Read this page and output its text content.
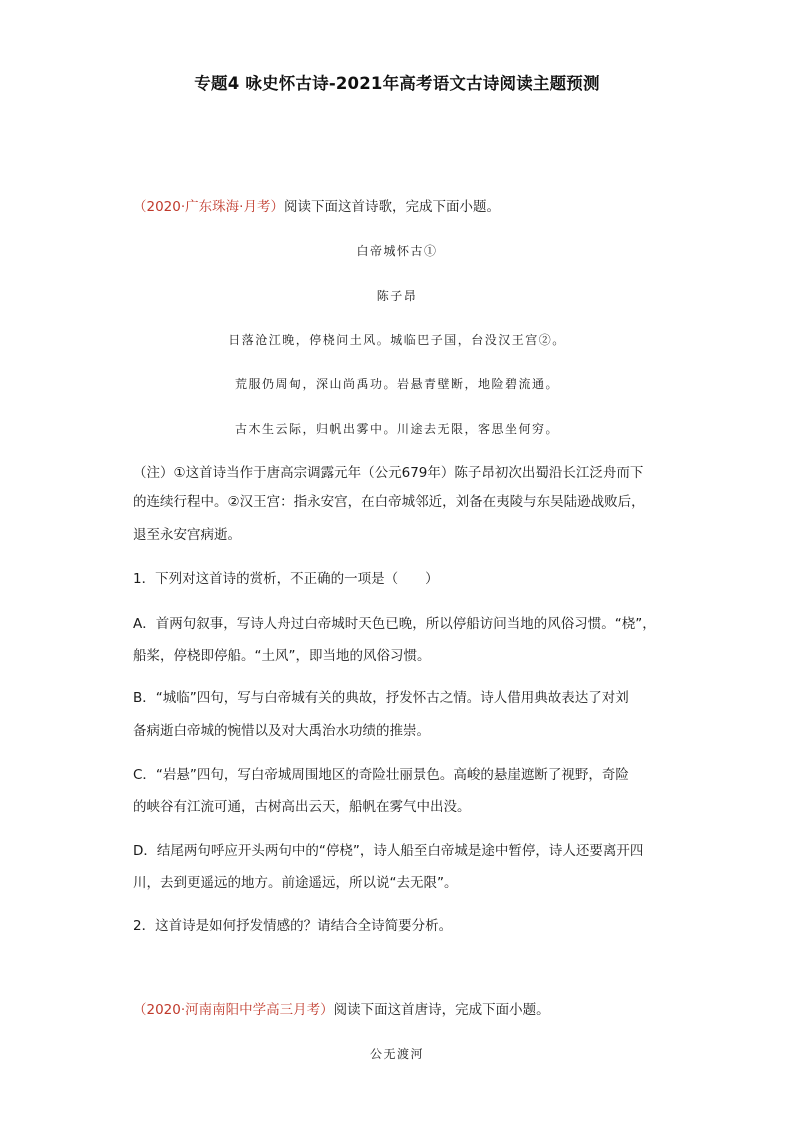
专题4 咏史怀古诗-2021年高考语文古诗阅读主题预测
（2020·广东珠海·月考）阅读下面这首诗歌，完成下面小题。
白帝城怀古①
陈子昂
日落沧江晚，停桡问土风。城临巴子国，台没汉王宫②。
荒服仍周甸，深山尚禹功。岩悬青壁断，地险碧流通。
古木生云际，归帆出雾中。川途去无限，客思坐何穷。
（注）①这首诗当作于唐高宗调露元年（公元679年）陈子昂初次出蜀沿长江泛舟而下
的连续行程中。②汉王宫：指永安宫，在白帝城邻近，刘备在夷陵与东吴陆逊战败后，
退至永安宫病逝。
1．下列对这首诗的赏析，不正确的一项是（　　）
A．首两句叙事，写诗人舟过白帝城时天色已晚，所以停船访问当地的风俗习惯。“桡”，
船桨，停桡即停船。“土风”，即当地的风俗习惯。
B．“城临”四句，写与白帝城有关的典故，抒发怀古之情。诗人借用典故表达了对刘
备病逝白帝城的惋惜以及对大禹治水功绩的推崇。
C．“岩悬”四句，写白帝城周围地区的奇险壮丽景色。高峻的悬崖遮断了视野，奇险
的峡谷有江流可通，古树高出云天，船帆在雾气中出没。
D．结尾两句呼应开头两句中的“停桡”，诗人船至白帝城是途中暂停，诗人还要离开四
川，去到更遥远的地方。前途遥远，所以说“去无限”。
2．这首诗是如何抒发情感的？请结合全诗简要分析。
（2020·河南南阳中学高三月考）阅读下面这首唐诗，完成下面小题。
公无渡河
